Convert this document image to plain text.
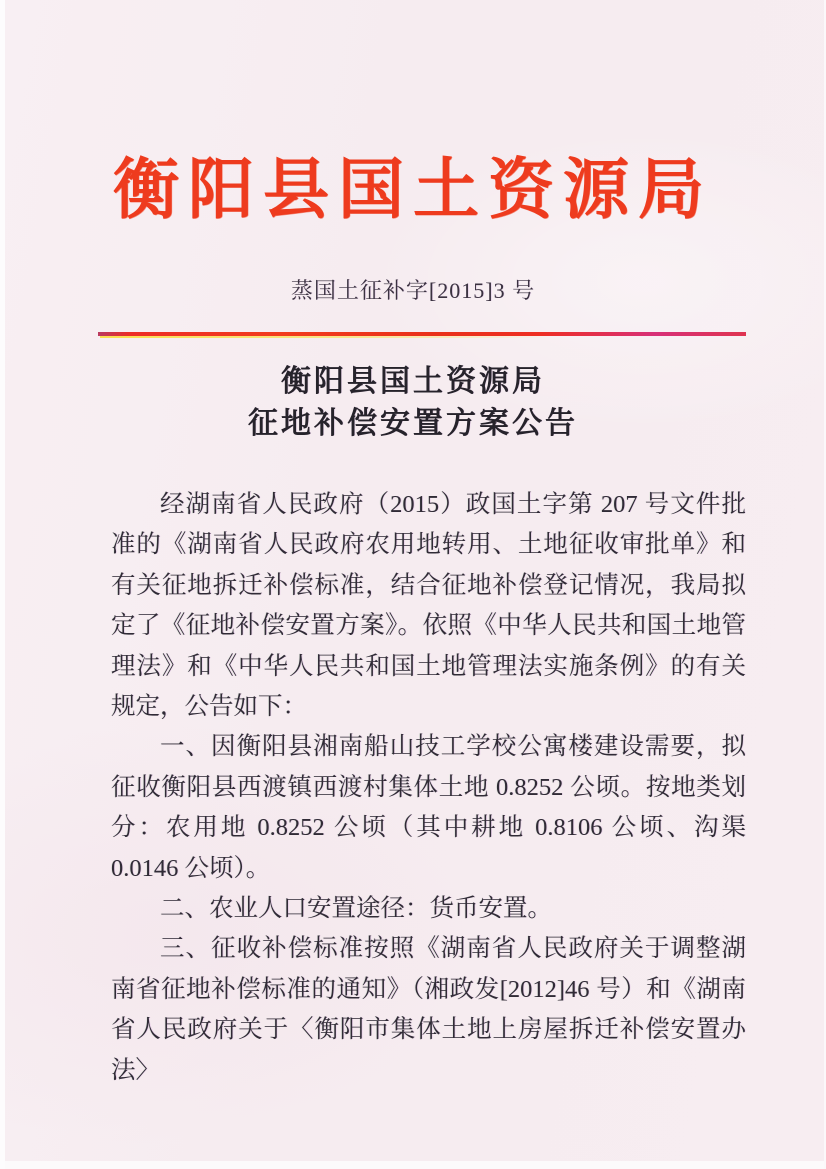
衡阳县国土资源局
蒸国土征补字[2015]3 号
衡阳县国土资源局
征地补偿安置方案公告

经湖南省人民政府（2015）政国土字第 207 号文件批准的《湖南省人民政府农用地转用、土地征收审批单》和有关征地拆迁补偿标准，结合征地补偿登记情况，我局拟定了《征地补偿安置方案》。依照《中华人民共和国土地管理法》和《中华人民共和国土地管理法实施条例》的有关规定，公告如下：

一、因衡阳县湘南船山技工学校公寓楼建设需要，拟征收衡阳县西渡镇西渡村集体土地 0.8252 公顷。按地类划分：农用地 0.8252 公顷（其中耕地 0.8106 公顷、沟渠 0.0146 公顷）。

二、农业人口安置途径：货币安置。

三、征收补偿标准按照《湖南省人民政府关于调整湖南省征地补偿标准的通知》（湘政发[2012]46 号）和《湖南省人民政府关于〈衡阳市集体土地上房屋拆迁补偿安置办法〉
